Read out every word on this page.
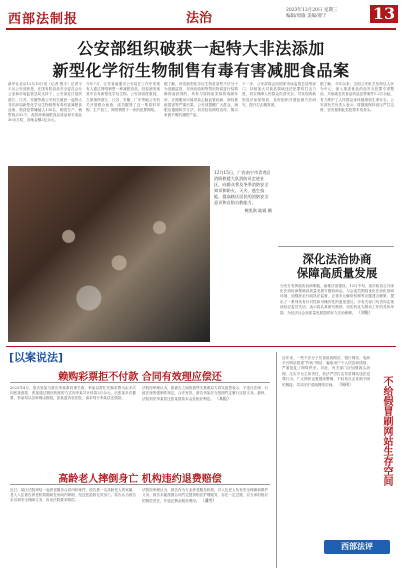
西部法制报	法治
2023年12月20日 星期三
编辑/周瑜 美编/邢宁	13
公安部组织破获一起特大非法添加
新型化学衍生物制售有毒有害减肥食品案
新华社北京12月19日电（记者 熊丰）记者今天从公安部获悉，在国务院食品安全委员会办公室和市场监管总局支持下，公安部近日组织浙江、江苏、安徽等地公安机关破获一起特大非法添加新型化学衍生物制售有毒有害减肥食品案，抓获犯罪嫌疑人130名，捣毁生产、销售窝点52个，查扣涉案减肥食品成品和半成品30余万粒，涉案金额2亿余元。
今年7月，江苏省南通市公安局在工作中发现有人通过网络销售一种减肥食品，经检测发现其中含有新型化学衍生物。公安部高度重视，立即指挥浙江、江苏、安徽、广东等地公安机关开展联合侦查，成功摧毁了这一集原料采购、生产加工、网络销售于一体的犯罪网络。
据了解，该类新型化学衍生物是某些不法分子为逃避监管，对西布曲明等禁用物质进行结构修饰而获得的，具有与原物质类似的毒副作用，长期服用可能导致心脑血管疾病、神经系统损害等严重后果。公安部提醒广大群众，减肥应遵循科学方法，切勿轻信网络宣传，购买来源不明的减肥产品。
下一步，公安部将会同国家市场监管总局等部门，持续加大对食品领域违法犯罪的打击力度，切实保障人民群众饮食安全。对发现的新型违法添加物质，及时组织开展检测方法研究，提升打击精准度。
据了解，今年以来，全国公安机关坚持以人民为中心，深入推进食品药品安全犯罪专项整治，共侦破各类食品药品犯罪案件1.2万余起，有力维护了人民群众身体健康和生命安全。公安部有关负责人表示，将继续保持高压严打态势，坚决遏制此类犯罪多发势头。
12月15日，广西南宁市青秀区消防救援大队消防员走进社区，向群众普及冬季消防安全知识和防火、灭火、逃生技能，提高辖区居民的消防安全意识和自防自救能力。
黄凯琪 陆霖 摄
深化法治协商
保障高质量发展
为充分发挥政协协商职能，助推法治建设，12月中旬，某市政协召开深化法治协商保障高质量发展专题协商会。与会委员围绕优化法治化营商环境、加强涉企行政执法监督、完善多元解纷机制等议题建言献策，提出了一系列具有针对性和可操作性的意见建议。市有关部门负责同志现场回应委员关切，表示将认真研究吸纳，切实转化为推动工作的具体举措，为经济社会高质量发展提供有力法治保障。 （刘锐）
[以案说法]
赖购彩票拒不付款 合同有效理应偿还
2023年4月，原告张某与被告李某系同事关系。李某以帮忙代购彩票为由多次向张某借款，张某通过微信转账的方式向李某共计转款2万余元。后张某多次催要，李某均以各种理由推脱。张某遂诉至法院，请求判令李某偿还借款。
法院经审理认为，原被告之间的借贷关系系双方真实意思表示，不违反法律、行政法规的强制性规定，合法有效。被告李某应当按照约定履行还款义务。最终，法院判决李某偿还张某借款本金及相应利息。 （本报）
高龄老人摔倒身亡 机构违约退费赔偿
近日，某区法院审结一起养老服务合同纠纷案件。原告系一名高龄老人的家属，老人入住被告养老机构期间在房间内摔倒，经送医抢救无效身亡。原告认为被告未尽到安全保障义务，诉至法院要求赔偿。
法院经审理认为，被告作为专业养老服务机构，对入住老人负有安全保障和照护义务。被告未能按照合同约定提供相应护理服务，存在一定过错，应当承担相应的赔偿责任，并退还剩余服务费用。 （潘雪）
近年来，一些不法分子仿冒政府网站、银行网站、电商平台网站搭建“钓鱼”网站，骗取用户个人信息和钱财，严重扰乱了网络秩序。对此，有关部门应加强源头治理，压实平台主体责任，依法严厉打击仿冒网站违法犯罪行为；广大网民也要提高警惕，不轻易点击来源不明的链接，共同守护清朗网络空间。 （周伟）	不给假冒刷网站生存空间
西部法评
